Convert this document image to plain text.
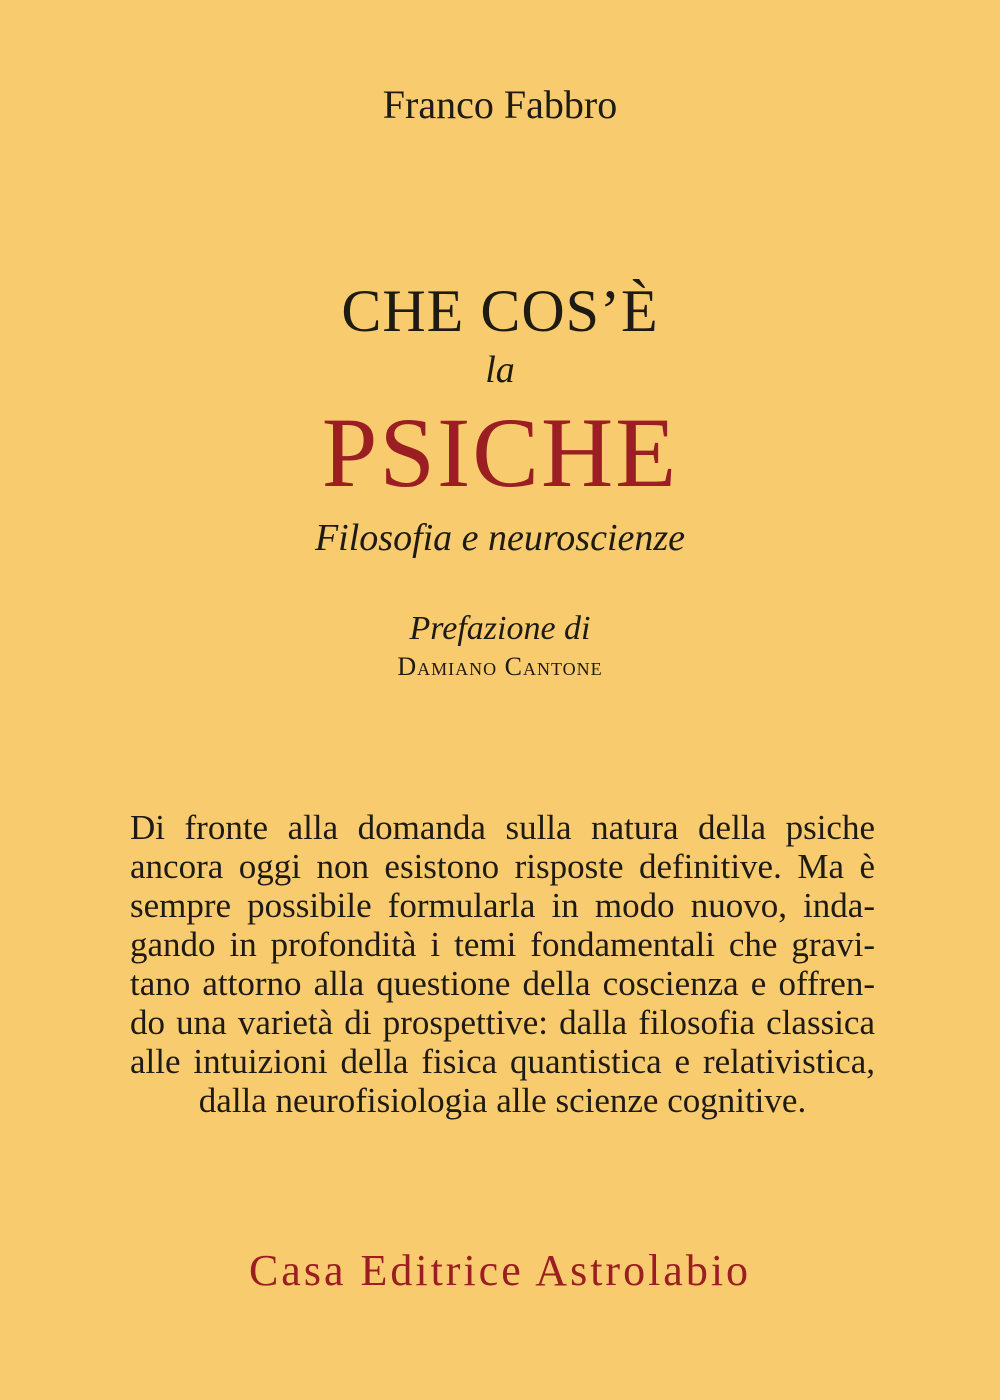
Franco Fabbro
CHE COS’È
la
PSICHE
Filosofia e neuroscienze
Prefazione di
Damiano Cantone
Di fronte alla domanda sulla natura della psiche
ancora oggi non esistono risposte definitive. Ma è
sempre possibile formularla in modo nuovo, inda-
gando in profondità i temi fondamentali che gravi-
tano attorno alla questione della coscienza e offren-
do una varietà di prospettive: dalla filosofia classica
alle intuizioni della fisica quantistica e relativistica,
dalla neurofisiologia alle scienze cognitive.
Casa Editrice Astrolabio
